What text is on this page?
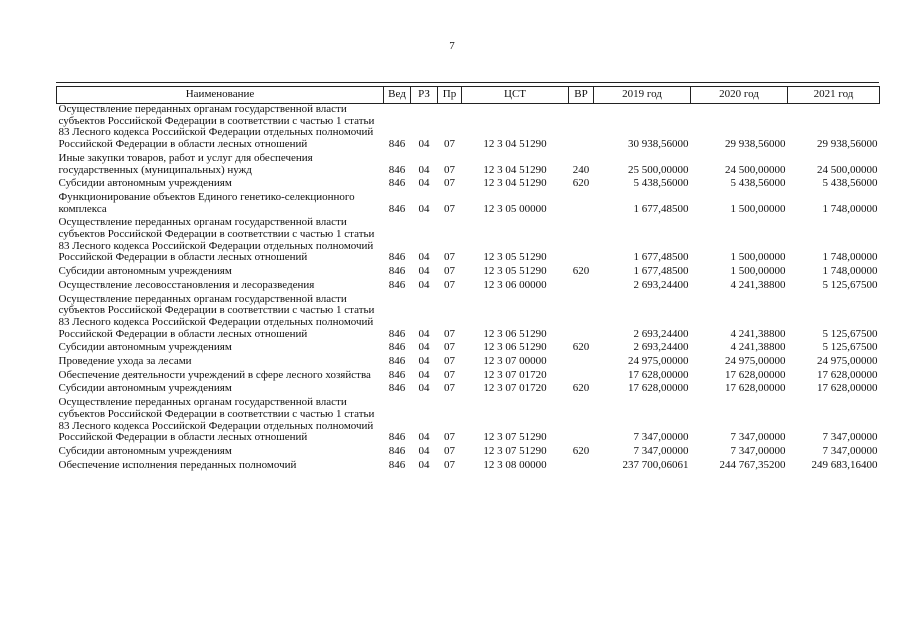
7
Наименование	Вед	РЗ	Пр	ЦСТ	ВР	2019 год	2020 год	2021 год
Осуществление переданных органам государственной власти субъектов Российской Федерации в соответствии с частью 1 статьи 83 Лесного кодекса Российской Федерации отдельных полномочий Российской Федерации в области лесных отношений	846	04	07	12 3 04 51290		30 938,56000	29 938,56000	29 938,56000
Иные закупки товаров, работ и услуг для обеспечения государственных (муниципальных) нужд	846	04	07	12 3 04 51290	240	25 500,00000	24 500,00000	24 500,00000
Субсидии автономным учреждениям	846	04	07	12 3 04 51290	620	5 438,56000	5 438,56000	5 438,56000
Функционирование объектов Единого генетико-селекционного комплекса	846	04	07	12 3 05 00000		1 677,48500	1 500,00000	1 748,00000
Осуществление переданных органам государственной власти субъектов Российской Федерации в соответствии с частью 1 статьи 83 Лесного кодекса Российской Федерации отдельных полномочий Российской Федерации в области лесных отношений	846	04	07	12 3 05 51290		1 677,48500	1 500,00000	1 748,00000
Субсидии автономным учреждениям	846	04	07	12 3 05 51290	620	1 677,48500	1 500,00000	1 748,00000
Осуществление лесовосстановления и лесоразведения	846	04	07	12 3 06 00000		2 693,24400	4 241,38800	5 125,67500
Осуществление переданных органам государственной власти субъектов Российской Федерации в соответствии с частью 1 статьи 83 Лесного кодекса Российской Федерации отдельных полномочий Российской Федерации в области лесных отношений	846	04	07	12 3 06 51290		2 693,24400	4 241,38800	5 125,67500
Субсидии автономным учреждениям	846	04	07	12 3 06 51290	620	2 693,24400	4 241,38800	5 125,67500
Проведение ухода за лесами	846	04	07	12 3 07 00000		24 975,00000	24 975,00000	24 975,00000
Обеспечение деятельности учреждений в сфере лесного хозяйства	846	04	07	12 3 07 01720		17 628,00000	17 628,00000	17 628,00000
Субсидии автономным учреждениям	846	04	07	12 3 07 01720	620	17 628,00000	17 628,00000	17 628,00000
Осуществление переданных органам государственной власти субъектов Российской Федерации в соответствии с частью 1 статьи 83 Лесного кодекса Российской Федерации отдельных полномочий Российской Федерации в области лесных отношений	846	04	07	12 3 07 51290		7 347,00000	7 347,00000	7 347,00000
Субсидии автономным учреждениям	846	04	07	12 3 07 51290	620	7 347,00000	7 347,00000	7 347,00000
Обеспечение исполнения переданных полномочий	846	04	07	12 3 08 00000		237 700,06061	244 767,35200	249 683,16400
